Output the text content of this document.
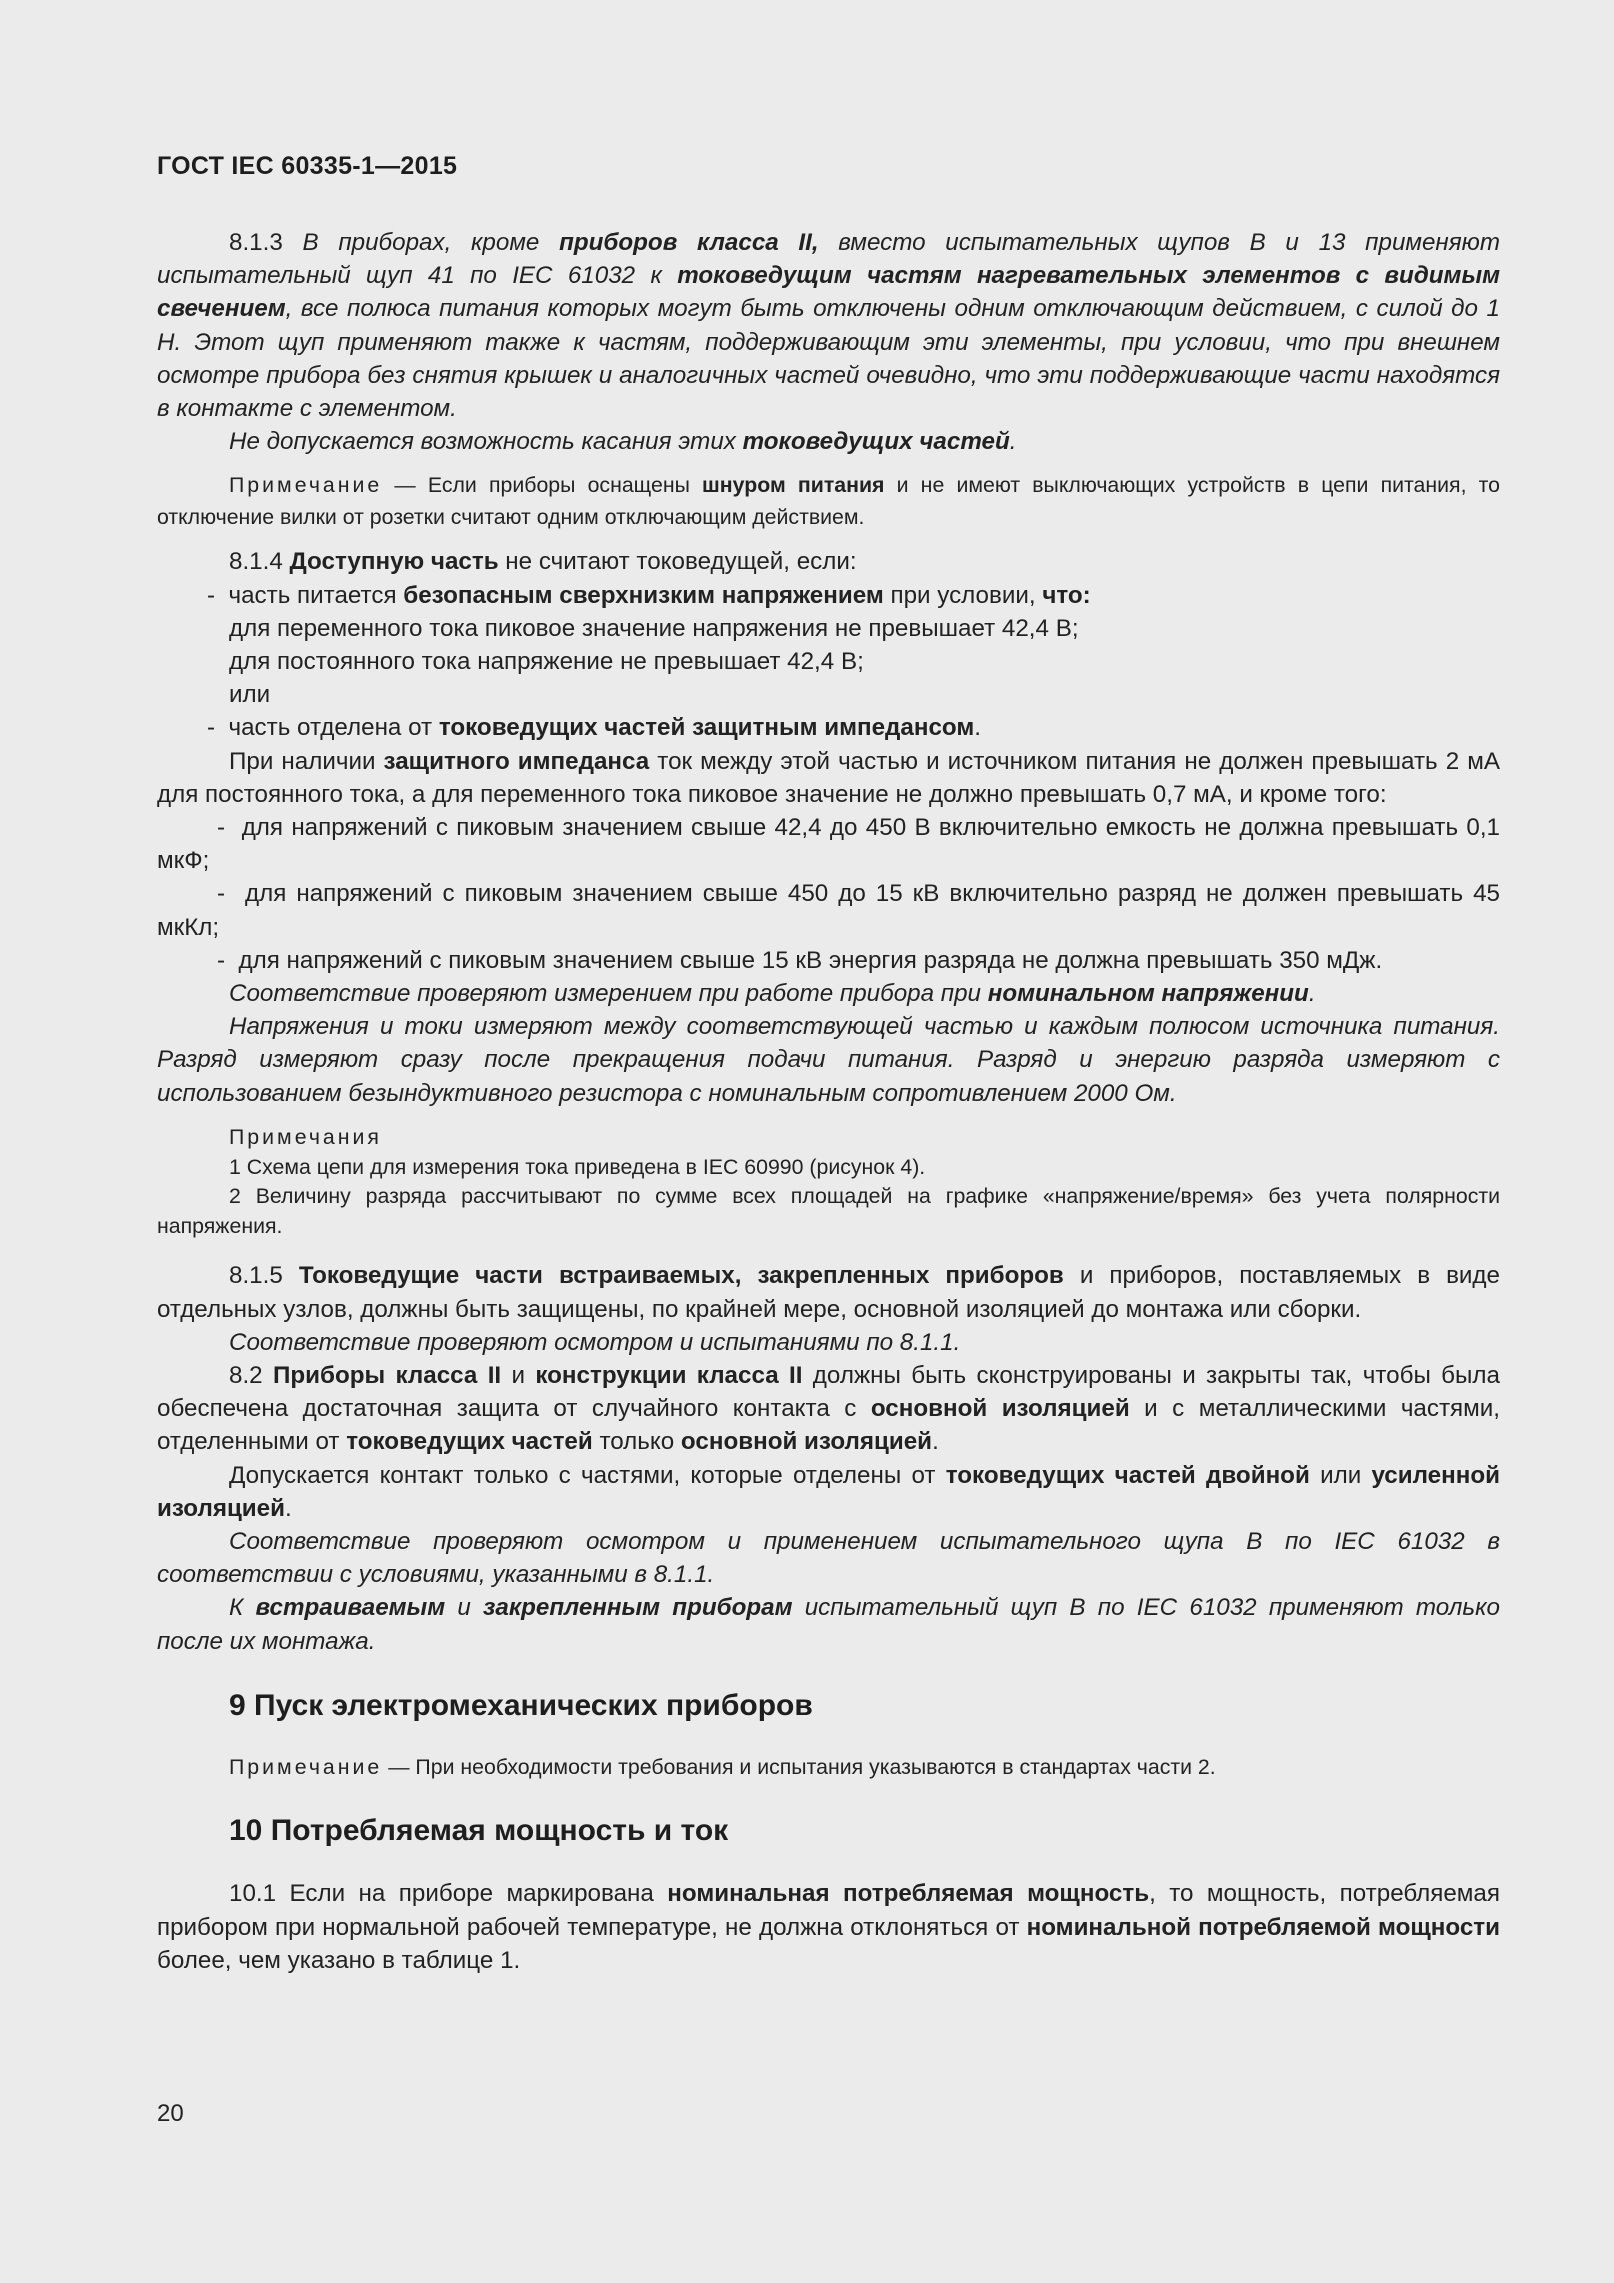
ГОСТ IEC 60335-1—2015

8.1.3 В приборах, кроме приборов класса II, вместо испытательных щупов B и 13 применяют испытательный щуп 41 по IEC 61032 к токоведущим частям нагревательных элементов с видимым свечением, все полюса питания которых могут быть отключены одним отключающим действием, с силой до 1 Н. Этот щуп применяют также к частям, поддерживающим эти элементы, при условии, что при внешнем осмотре прибора без снятия крышек и аналогичных частей очевидно, что эти поддерживающие части находятся в контакте с элементом.

Не допускается возможность касания этих токоведущих частей.

Примечание — Если приборы оснащены шнуром питания и не имеют выключающих устройств в цепи питания, то отключение вилки от розетки считают одним отключающим действием.

8.1.4 Доступную часть не считают токоведущей, если:

-  часть питается безопасным сверхнизким напряжением при условии, что:

для переменного тока пиковое значение напряжения не превышает 42,4 В;

для постоянного тока напряжение не превышает 42,4 В;

или

-  часть отделена от токоведущих частей защитным импедансом.

При наличии защитного импеданса ток между этой частью и источником питания не должен превышать 2 мА для постоянного тока, а для переменного тока пиковое значение не должно превышать 0,7 мА, и кроме того:

-  для напряжений с пиковым значением свыше 42,4 до 450 В включительно емкость не должна превышать 0,1 мкФ;

-  для напряжений с пиковым значением свыше 450 до 15 кВ включительно разряд не должен превышать 45 мкКл;

-  для напряжений с пиковым значением свыше 15 кВ энергия разряда не должна превышать 350 мДж.

Соответствие проверяют измерением при работе прибора при номинальном напряжении.

Напряжения и токи измеряют между соответствующей частью и каждым полюсом источника питания. Разряд измеряют сразу после прекращения подачи питания. Разряд и энергию разряда измеряют с использованием безындуктивного резистора с номинальным сопротивлением 2000 Ом.

Примечания

1 Схема цепи для измерения тока приведена в IEC 60990 (рисунок 4).

2 Величину разряда рассчитывают по сумме всех площадей на графике «напряжение/время» без учета полярности напряжения.

8.1.5 Токоведущие части встраиваемых, закрепленных приборов и приборов, поставляемых в виде отдельных узлов, должны быть защищены, по крайней мере, основной изоляцией до монтажа или сборки.

Соответствие проверяют осмотром и испытаниями по 8.1.1.

8.2 Приборы класса II и конструкции класса II должны быть сконструированы и закрыты так, чтобы была обеспечена достаточная защита от случайного контакта с основной изоляцией и с металлическими частями, отделенными от токоведущих частей только основной изоляцией.

Допускается контакт только с частями, которые отделены от токоведущих частей двойной или усиленной изоляцией.

Соответствие проверяют осмотром и применением испытательного щупа B по IEC 61032 в соответствии с условиями, указанными в 8.1.1.

К встраиваемым и закрепленным приборам испытательный щуп B по IEC 61032 применяют только после их монтажа.

9 Пуск электромеханических приборов

Примечание — При необходимости требования и испытания указываются в стандартах части 2.

10 Потребляемая мощность и ток

10.1 Если на приборе маркирована номинальная потребляемая мощность, то мощность, потребляемая прибором при нормальной рабочей температуре, не должна отклоняться от номинальной потребляемой мощности более, чем указано в таблице 1.

20
